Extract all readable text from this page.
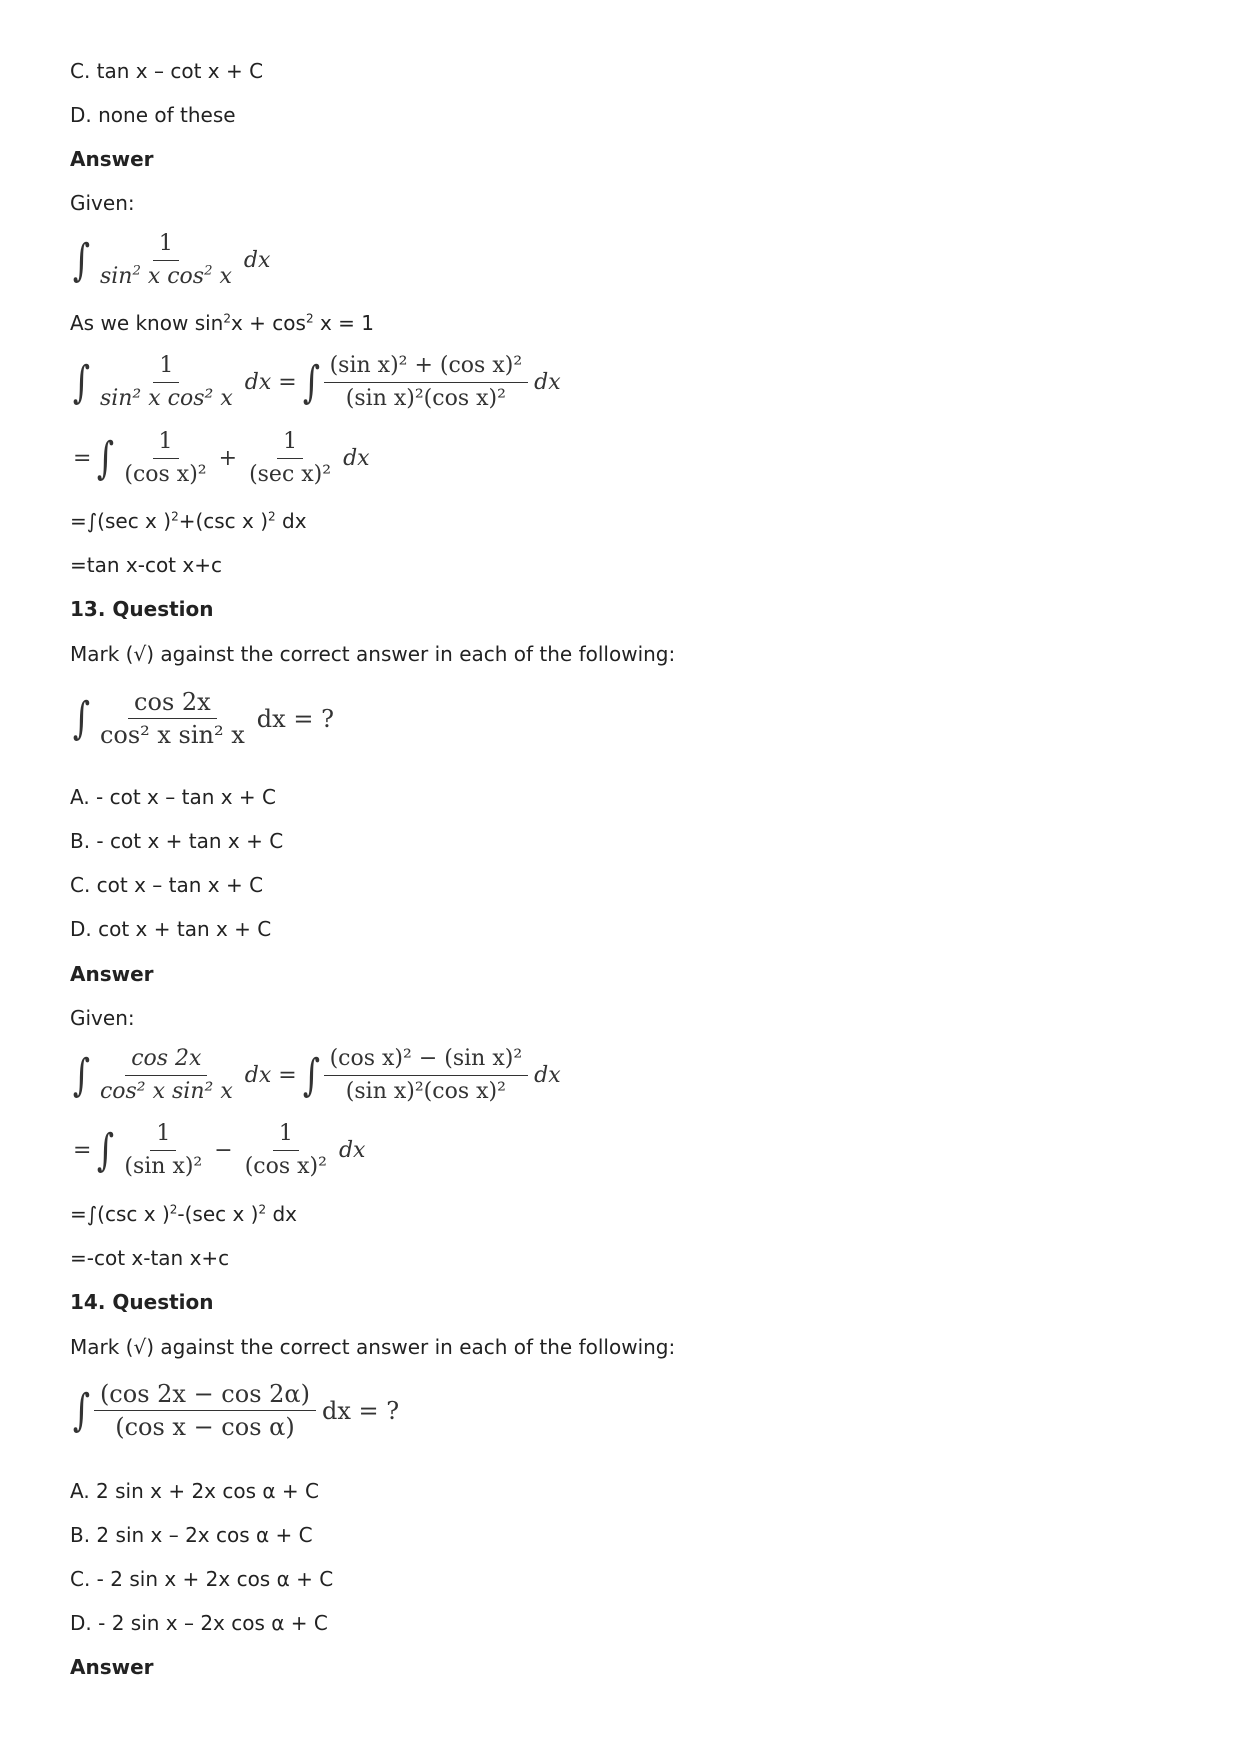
C. tan x – cot x + C
D. none of these
Answer
Given:
∫ $\frac{1}{\sin^2 x \cos^2 x}$ dx
As we know $\sin^2x + \cos^2 x = 1$
∫ $\frac{1}{\text{sin² x cos² x}}$ dx = ∫ $\frac{\text{(sin x)² + (cos x)²}}{\text{(sin x)²(cos x)²}}$ dx
= ∫ $\frac{1}{\text{(cos x)²}} + \frac{1}{\text{(sec x)²}}$ dx
=∫(sec x )$^2$+(csc x )$^2$ dx
=tan x-cot x+c
13. Question
Mark (√) against the correct answer in each of the following:
∫ $\frac{\cos 2x}{\text{cos² x sin² x}}$ dx = ?
A. - cot x – tan x + C
B. - cot x + tan x + C
C. cot x – tan x + C
D. cot x + tan x + C
Answer
Given:
∫ $\frac{\cos 2x}{\text{cos² x sin² x}}$ dx = ∫ $\frac{\text{(cos x)² − (sin x)²}}{\text{(sin x)²(cos x)²}}$ dx
= ∫ $\frac{1}{\text{(sin x)²}} - \frac{1}{\text{(cos x)²}}$ dx
=∫(csc x )$^2$-(sec x )$^2$ dx
=-cot x-tan x+c
14. Question
Mark (√) against the correct answer in each of the following:
∫ $\frac{(\cos 2x - \cos 2\alpha)}{\text{(cos x − cos α)}}$ dx = ?
A. 2 sin x + 2x cos α + C
B. 2 sin x – 2x cos α + C
C. - 2 sin x + 2x cos α + C
D. - 2 sin x – 2x cos α + C
Answer
